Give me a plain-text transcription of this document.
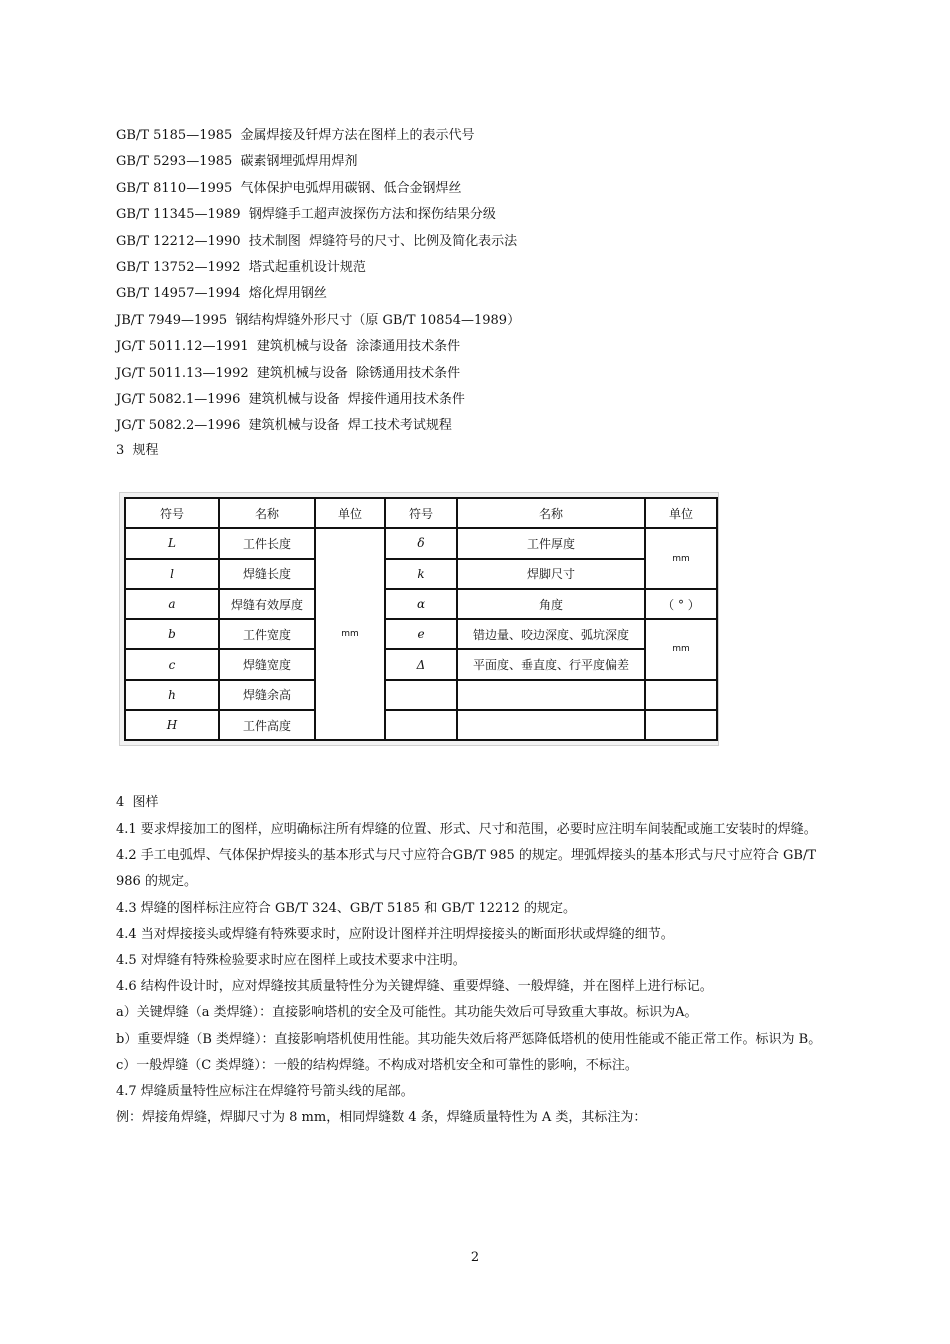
GB/T 5185—1985  金属焊接及钎焊方法在图样上的表示代号
GB/T 5293—1985  碳素钢埋弧焊用焊剂
GB/T 8110—1995  气体保护电弧焊用碳钢、低合金钢焊丝
GB/T 11345—1989  钢焊缝手工超声波探伤方法和探伤结果分级
GB/T 12212—1990  技术制图  焊缝符号的尺寸、比例及简化表示法
GB/T 13752—1992  塔式起重机设计规范
GB/T 14957—1994  熔化焊用钢丝
JB/T 7949—1995  钢结构焊缝外形尺寸（原 GB/T 10854—1989）
JG/T 5011.12—1991  建筑机械与设备  涂漆通用技术条件
JG/T 5011.13—1992  建筑机械与设备  除锈通用技术条件
JG/T 5082.1—1996  建筑机械与设备  焊接件通用技术条件
JG/T 5082.2—1996  建筑机械与设备  焊工技术考试规程
3  规程
符号	名称	单位	符号	名称	单位
L	工件长度	mm	δ	工件厚度	mm
l	焊缝长度		k	焊脚尺寸	
a	焊缝有效厚度		α	角度	（ ° ）
b	工件宽度		e	错边量、咬边深度、弧坑深度	mm
c	焊缝宽度		Δ	平面度、垂直度、行平度偏差	
h	焊缝余高				
H	工件高度				
4  图样

4.1 要求焊接加工的图样，应明确标注所有焊缝的位置、形式、尺寸和范围，必要时应注明车间装配或施工安装时的焊缝。

4.2 手工电弧焊、气体保护焊接头的基本形式与尺寸应符合GB/T 985 的规定。埋弧焊接头的基本形式与尺寸应符合 GB/T 986 的规定。

4.3 焊缝的图样标注应符合 GB/T 324、GB/T 5185 和 GB/T 12212 的规定。

4.4 当对焊接接头或焊缝有特殊要求时，应附设计图样并注明焊接接头的断面形状或焊缝的细节。

4.5 对焊缝有特殊检验要求时应在图样上或技术要求中注明。

4.6 结构件设计时，应对焊缝按其质量特性分为关键焊缝、重要焊缝、一般焊缝，并在图样上进行标记。

a）关键焊缝（a 类焊缝）：直接影响塔机的安全及可能性。其功能失效后可导致重大事故。标识为A。

b）重要焊缝（B 类焊缝）：直接影响塔机使用性能。其功能失效后将严惩降低塔机的使用性能或不能正常工作。标识为 B。

c）一般焊缝（C 类焊缝）：一般的结构焊缝。不构成对塔机安全和可靠性的影响，不标注。

4.7 焊缝质量特性应标注在焊缝符号箭头线的尾部。

例：焊接角焊缝，焊脚尺寸为 8 mm，相同焊缝数 4 条，焊缝质量特性为 A 类，其标注为：

2
